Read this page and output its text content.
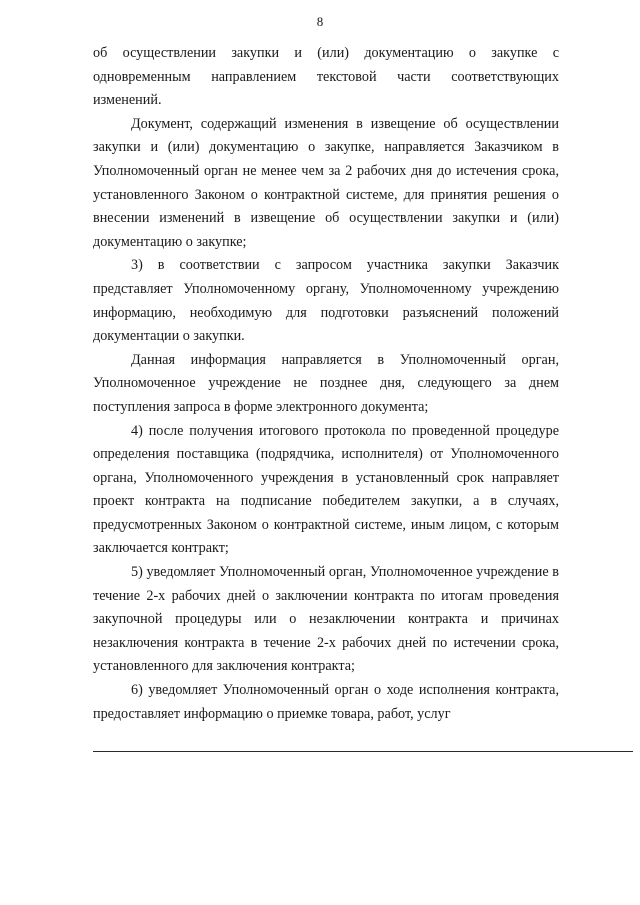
8

об осуществлении закупки и (или) документацию о закупке с одновременным направлением текстовой части соответствующих изменений.

Документ, содержащий изменения в извещение об осуществлении закупки и (или) документацию о закупке, направляется Заказчиком в Уполномоченный орган не менее чем за 2 рабочих дня до истечения срока, установленного Законом о контрактной системе, для принятия решения о внесении изменений в извещение об осуществлении закупки и (или) документацию о закупке;

3) в соответствии с запросом участника закупки Заказчик представляет Уполномоченному органу, Уполномоченному учреждению информацию, необходимую для подготовки разъяснений положений документации о закупки.

Данная информация направляется в Уполномоченный орган, Уполномоченное учреждение не позднее дня, следующего за днем поступления запроса в форме электронного документа;

4) после получения итогового протокола по проведенной процедуре определения поставщика (подрядчика, исполнителя) от Уполномоченного органа, Уполномоченного учреждения в установленный срок направляет проект контракта на подписание победителем закупки, а в случаях, предусмотренных Законом о контрактной системе, иным лицом, с которым заключается контракт;

5) уведомляет Уполномоченный орган, Уполномоченное учреждение в течение 2-х рабочих дней о заключении контракта по итогам проведения закупочной процедуры или о незаключении контракта и причинах незаключения контракта в течение 2-х рабочих дней по истечении срока, установленного для заключения контракта;

6) уведомляет Уполномоченный орган о ходе исполнения контракта, предоставляет информацию о приемке товара, работ, услуг
